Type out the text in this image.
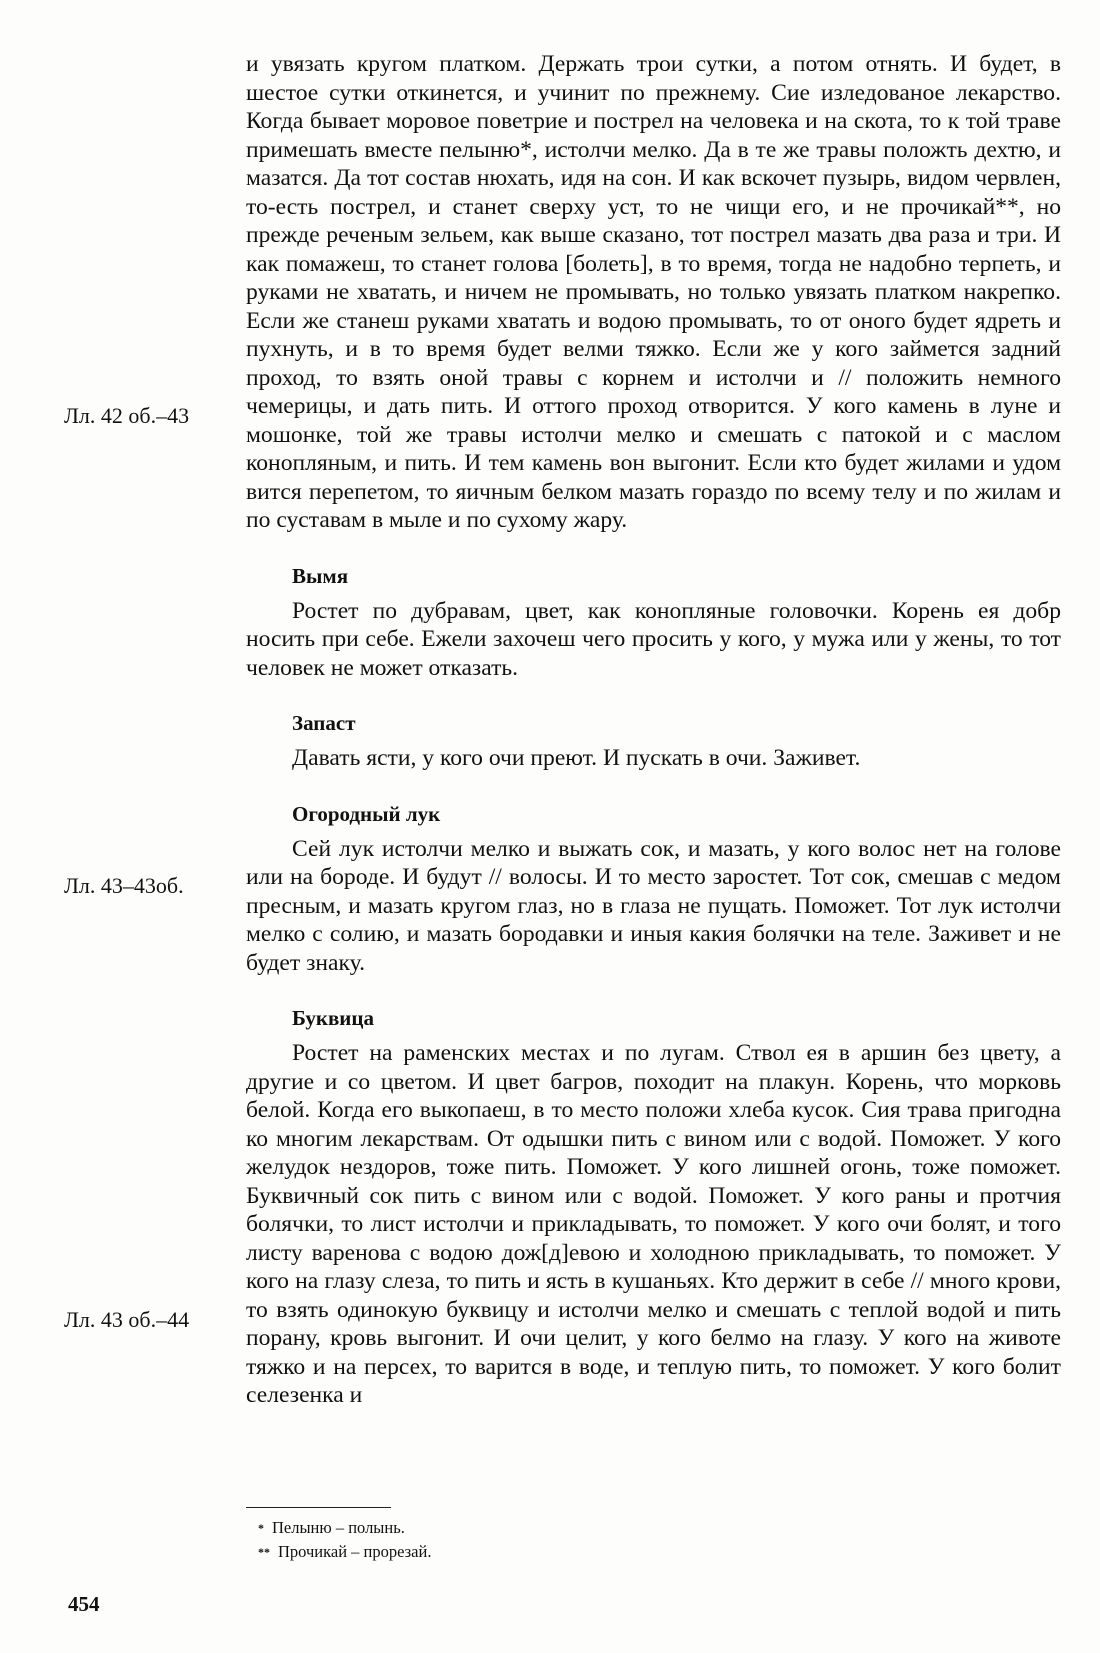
Лл. 42 об.–43
Лл. 43–43об.
Лл. 43 об.–44

и увязать кругом платком. Держать трои сутки, а потом отнять. И будет, в шестое сутки откинется, и учинит по прежнему. Сие изледованое лекарство. Когда бывает моровое поветрие и пострел на человека и на скота, то к той траве примешать вместе пелыню*, истолчи мелко. Да в те же травы положть дехтю, и мазатся. Да тот состав нюхать, идя на сон. И как вскочет пузырь, видом червлен, то-есть пострел, и станет сверху уст, то не чищи его, и не прочикай**, но прежде реченым зельем, как выше сказано, тот пострел мазать два раза и три. И как помажеш, то станет голова [болеть], в то время, тогда не надобно терпеть, и руками не хватать, и ничем не промывать, но только увязать платком накрепко. Если же станеш руками хватать и водою промывать, то от оного будет ядреть и пухнуть, и в то время будет велми тяжко. Если же у кого займется задний проход, то взять оной травы с корнем и истолчи и // положить немного чемерицы, и дать пить. И оттого проход отворится. У кого камень в луне и мошонке, той же травы истолчи мелко и смешать с патокой и с маслом конопляным, и пить. И тем камень вон выгонит. Если кто будет жилами и удом вится перепетом, то яичным белком мазать гораздо по всему телу и по жилам и по суставам в мыле и по сухому жару.

Вымя

Ростет по дубравам, цвет, как конопляные головочки. Корень ея добр носить при себе. Ежели захочеш чего просить у кого, у мужа или у жены, то тот человек не может отказать.

Запаст

Давать ясти, у кого очи преют. И пускать в очи. Заживет.

Огородный лук

Сей лук истолчи мелко и выжать сок, и мазать, у кого волос нет на голове или на бороде. И будут // волосы. И то место заростет. Тот сок, смешав с медом пресным, и мазать кругом глаз, но в глаза не пущать. Поможет. Тот лук истолчи мелко с солию, и мазать бородавки и иныя какия болячки на теле. Заживет и не будет знаку.

Буквица

Ростет на раменских местах и по лугам. Ствол ея в аршин без цвету, а другие и со цветом. И цвет багров, походит на плакун. Корень, что морковь белой. Когда его выкопаеш, в то место положи хлеба кусок. Сия трава пригодна ко многим лекарствам. От одышки пить с вином или с водой. Поможет. У кого желудок нездоров, тоже пить. Поможет. У кого лишней огонь, тоже поможет. Буквичный сок пить с вином или с водой. Поможет. У кого раны и протчия болячки, то лист истолчи и прикладывать, то поможет. У кого очи болят, и того листу варенова с водою дож[д]евою и холодною прикладывать, то поможет. У кого на глазу слеза, то пить и ясть в кушаньях. Кто держит в себе // много крови, то взять одинокую буквицу и истолчи мелко и смешать с теплой водой и пить порану, кровь выгонит. И очи целит, у кого белмо на глазу. У кого на животе тяжко и на персех, то варится в воде, и теплую пить, то поможет. У кого болит селезенка и

* Пелыню – полынь.
** Прочикай – прорезай.
454
